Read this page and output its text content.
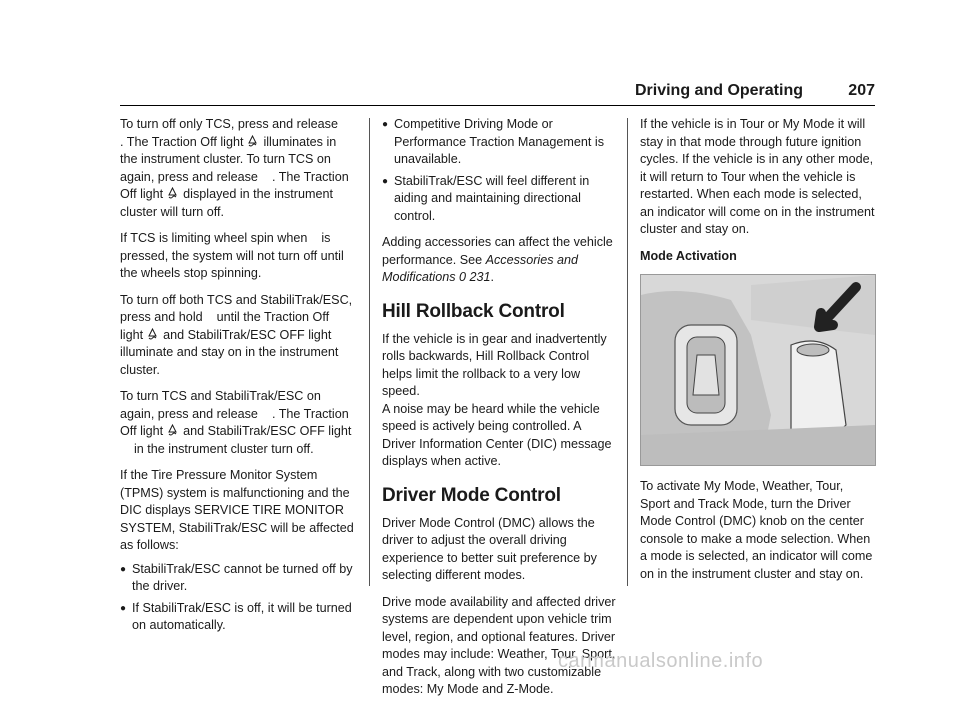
Driving and Operating	207

To turn off only TCS, press and release. The Traction Off light illuminates in the instrument cluster. To turn TCS on again, press and release . The Traction Off light displayed in the instrument cluster will turn off.

If TCS is limiting wheel spin when is pressed, the system will not turn off until the wheels stop spinning.

To turn off both TCS and StabiliTrak/ESC, press and hold until the Traction Off light and StabiliTrak/ESC OFF light illuminate and stay on in the instrument cluster.

To turn TCS and StabiliTrak/ESC on again, press and release . The Traction Off light and StabiliTrak/ESC OFF lightin the instrument cluster turn off.

If the Tire Pressure Monitor System (TPMS) system is malfunctioning and the DIC displays SERVICE TIRE MONITOR SYSTEM, StabiliTrak/ESC will be affected as follows:

● StabiliTrak/ESC cannot be turned off by the driver.
● If StabiliTrak/ESC is off, it will be turned on automatically.
● Competitive Driving Mode or Performance Traction Management is unavailable.
● StabiliTrak/ESC will feel different in aiding and maintaining directional control.

Adding accessories can affect the vehicle performance. See Accessories and Modifications 0 231.

Hill Rollback Control

If the vehicle is in gear and inadvertently rolls backwards, Hill Rollback Control helps limit the rollback to a very low speed.

A noise may be heard while the vehicle speed is actively being controlled. A Driver Information Center (DIC) message displays when active.

Driver Mode Control

Driver Mode Control (DMC) allows the driver to adjust the overall driving experience to better suit preference by selecting different modes.

Drive mode availability and affected driver systems are dependent upon vehicle trim level, region, and optional features. Driver modes may include: Weather, Tour, Sport, and Track, along with two customizable modes: My Mode and Z-Mode.

If the vehicle is in Tour or My Mode it will stay in that mode through future ignition cycles. If the vehicle is in any other mode, it will return to Tour when the vehicle is restarted. When each mode is selected, an indicator will come on in the instrument cluster and stay on.

Mode Activation

To activate My Mode, Weather, Tour, Sport and Track Mode, turn the Driver Mode Control (DMC) knob on the center console to make a mode selection. When a mode is selected, an indicator will come on in the instrument cluster and stay on.

carmanualsonline.info
